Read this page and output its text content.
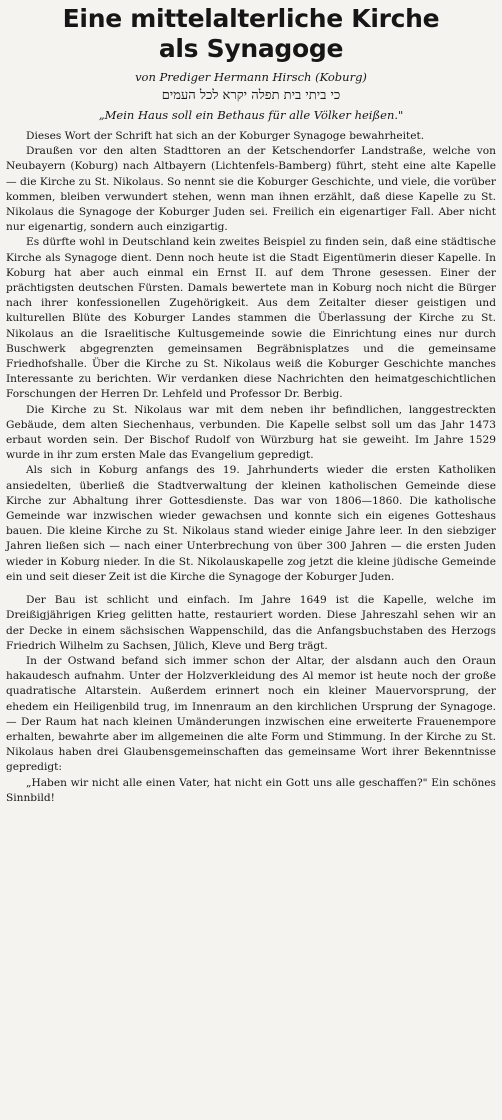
Eine mittelalterliche Kirche
als Synagoge
von Prediger Hermann Hirsch (Koburg)
כי ביתי בית תפלה יקרא לכל העמים
„Mein Haus soll ein Bethaus für alle Völker heißen."

Dieses Wort der Schrift hat sich an der Koburger Synagoge bewahrheitet.

Draußen vor den alten Stadttoren an der Ketschendorfer Landstraße, welche von Neubayern (Koburg) nach Altbayern (Lichtenfels-Bamberg) führt, steht eine alte Kapelle — die Kirche zu St. Nikolaus. So nennt sie die Koburger Geschichte, und viele, die vorüber kommen, bleiben verwundert stehen, wenn man ihnen erzählt, daß diese Kapelle zu St. Nikolaus die Synagoge der Koburger Juden sei. Freilich ein eigenartiger Fall. Aber nicht nur eigenartig, sondern auch einzigartig.

Es dürfte wohl in Deutschland kein zweites Beispiel zu finden sein, daß eine städtische Kirche als Synagoge dient. Denn noch heute ist die Stadt Eigentümerin dieser Kapelle. In Koburg hat aber auch einmal ein Ernst II. auf dem Throne gesessen. Einer der prächtigsten deutschen Fürsten. Damals bewertete man in Koburg noch nicht die Bürger nach ihrer konfessionellen Zugehörigkeit. Aus dem Zeitalter dieser geistigen und kulturellen Blüte des Koburger Landes stammen die Überlassung der Kirche zu St. Nikolaus an die Israelitische Kultusgemeinde sowie die Einrichtung eines nur durch Buschwerk abgegrenzten gemeinsamen Begräbnisplatzes und die gemeinsame Friedhofshalle. Über die Kirche zu St. Nikolaus weiß die Koburger Geschichte manches Interessante zu berichten. Wir verdanken diese Nachrichten den heimatgeschichtlichen Forschungen der Herren Dr. Lehfeld und Professor Dr. Berbig.

Die Kirche zu St. Nikolaus war mit dem neben ihr befindlichen, langgestreckten Gebäude, dem alten Siechenhaus, verbunden. Die Kapelle selbst soll um das Jahr 1473 erbaut worden sein. Der Bischof Rudolf von Würzburg hat sie geweiht. Im Jahre 1529 wurde in ihr zum ersten Male das Evangelium gepredigt.

Als sich in Koburg anfangs des 19. Jahrhunderts wieder die ersten Katholiken ansiedelten, überließ die Stadtverwaltung der kleinen katholischen Gemeinde diese Kirche zur Abhaltung ihrer Gottesdienste. Das war von 1806—1860. Die katholische Gemeinde war inzwischen wieder gewachsen und konnte sich ein eigenes Gotteshaus bauen. Die kleine Kirche zu St. Nikolaus stand wieder einige Jahre leer. In den siebziger Jahren ließen sich — nach einer Unterbrechung von über 300 Jahren — die ersten Juden wieder in Koburg nieder. In die St. Nikolauskapelle zog jetzt die kleine jüdische Gemeinde ein und seit dieser Zeit ist die Kirche die Synagoge der Koburger Juden.

Der Bau ist schlicht und einfach. Im Jahre 1649 ist die Kapelle, welche im Dreißigjährigen Krieg gelitten hatte, restauriert worden. Diese Jahreszahl sehen wir an der Decke in einem sächsischen Wappenschild, das die Anfangsbuchstaben des Herzogs Friedrich Wilhelm zu Sachsen, Jülich, Kleve und Berg trägt.

In der Ostwand befand sich immer schon der Altar, der alsdann auch den Oraun hakaudesch aufnahm. Unter der Holzverkleidung des Al memor ist heute noch der große quadratische Altarstein. Außerdem erinnert noch ein kleiner Mauervorsprung, der ehedem ein Heiligenbild trug, im Innenraum an den kirchlichen Ursprung der Synagoge. — Der Raum hat nach kleinen Umänderungen inzwischen eine erweiterte Frauenempore erhalten, bewahrte aber im allgemeinen die alte Form und Stimmung. In der Kirche zu St. Nikolaus haben drei Glaubensgemeinschaften das gemeinsame Wort ihrer Bekenntnisse gepredigt:

„Haben wir nicht alle einen Vater, hat nicht ein Gott uns alle geschaffen?" Ein schönes Sinnbild!
